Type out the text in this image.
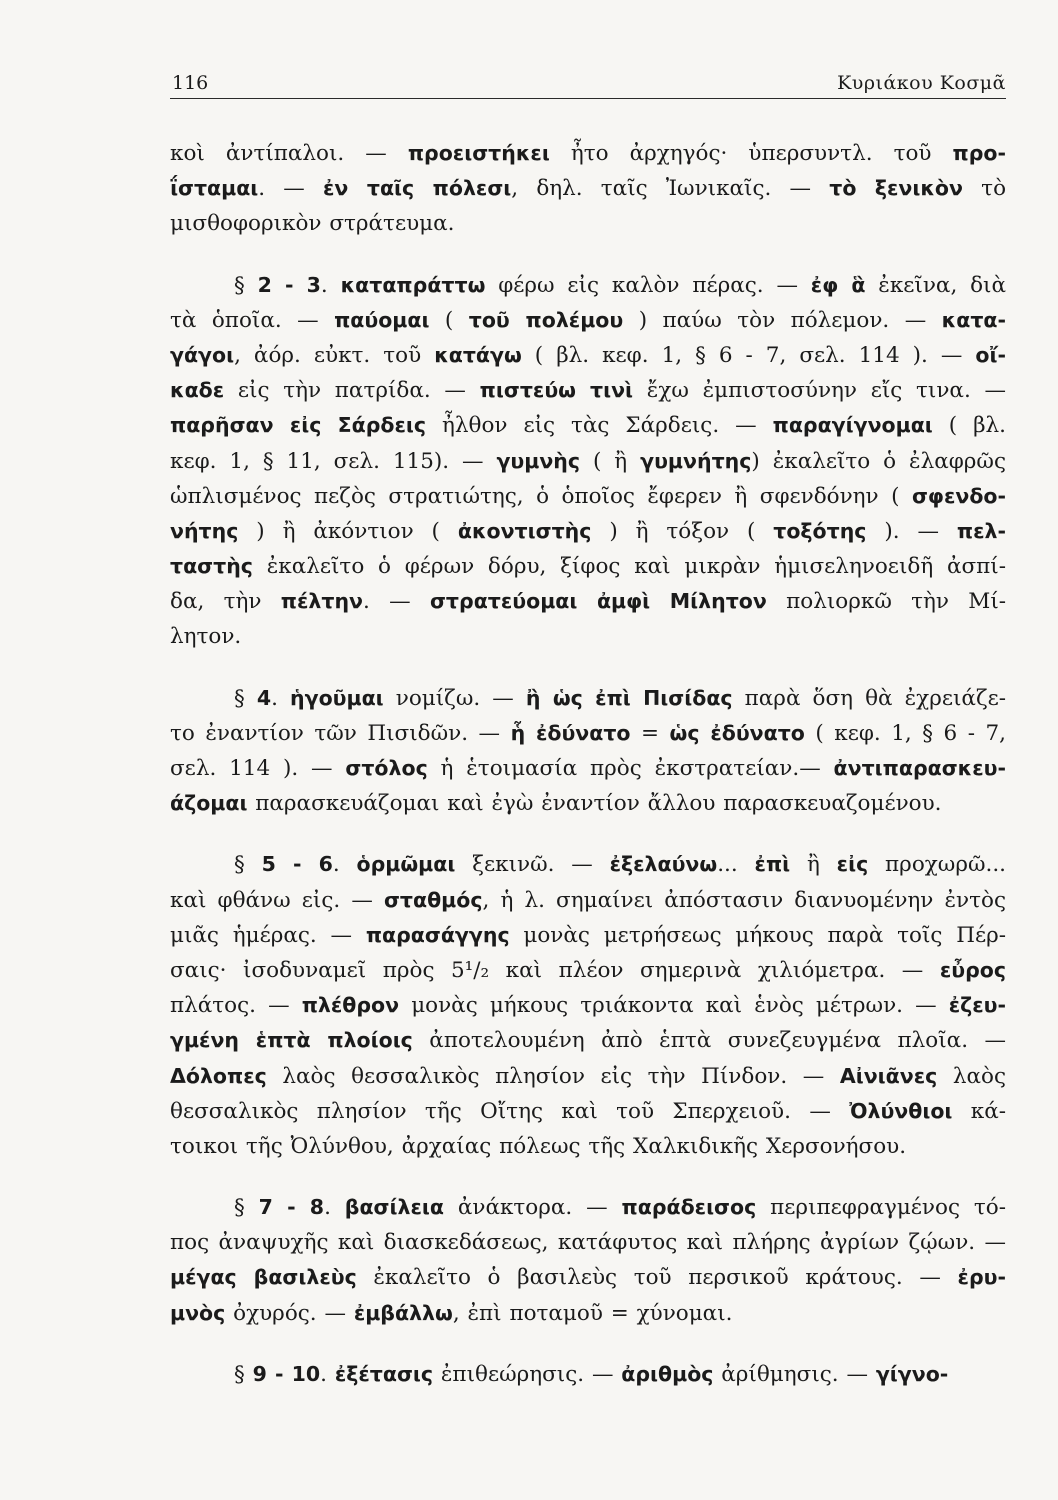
116	Κυριάκου Κοσμᾶ
κοὶ ἀντίπαλοι. — προειστήκει ἦτο ἀρχηγός· ὑπερσυντλ. τοῦ προ-
ΐσταμαι. — ἐν ταῖς πόλεσι, δηλ. ταῖς Ἰωνικαῖς. — τὸ ξενικὸν τὸ
μισθοφορικὸν στράτευμα.
§ 2 - 3. καταπράττω φέρω εἰς καλὸν πέρας. — ἐφ ἃ ἐκεῖνα, διὰ
τὰ ὁποῖα. — παύομαι ( τοῦ πολέμου ) παύω τὸν πόλεμον. — κατα-
γάγοι, ἀόρ. εὐκτ. τοῦ κατάγω ( βλ. κεφ. 1, § 6 - 7, σελ. 114 ). — οἴ-
καδε εἰς τὴν πατρίδα. — πιστεύω τινὶ ἔχω ἐμπιστοσύνην εἴς τινα. —
παρῆσαν εἰς Σάρδεις ἦλθον εἰς τὰς Σάρδεις. — παραγίγνομαι ( βλ.
κεφ. 1, § 11, σελ. 115). — γυμνὴς ( ἢ γυμνήτης) ἐκαλεῖτο ὁ ἐλαφρῶς
ὡπλισμένος πεζὸς στρατιώτης, ὁ ὁποῖος ἔφερεν ἢ σφενδόνην ( σφενδο-
νήτης ) ἢ ἀκόντιον ( ἀκοντιστὴς ) ἢ τόξον ( τοξότης ). — πελ-
ταστὴς ἐκαλεῖτο ὁ φέρων δόρυ, ξίφος καὶ μικρὰν ἡμισεληνοειδῆ ἀσπί-
δα, τὴν πέλτην. — στρατεύομαι ἀμφὶ Μίλητον πολιορκῶ τὴν Μί-
λητον.
§ 4. ἡγοῦμαι νομίζω. — ἢ ὡς ἐπὶ Πισίδας παρὰ ὅση θὰ ἐχρειάζε-
το ἐναντίον τῶν Πισιδῶν. — ἧ ἐδύνατο = ὡς ἐδύνατο ( κεφ. 1, § 6 - 7,
σελ. 114 ). — στόλος ἡ ἑτοιμασία πρὸς ἐκστρατείαν.— ἀντιπαρασκευ-
άζομαι παρασκευάζομαι καὶ ἐγὼ ἐναντίον ἄλλου παρασκευαζομένου.
§ 5 - 6. ὁρμῶμαι ξεκινῶ. — ἐξελαύνω... ἐπὶ ἢ εἰς προχωρῶ...
καὶ φθάνω εἰς. — σταθμός, ἡ λ. σημαίνει ἀπόστασιν διανυομένην ἐντὸς
μιᾶς ἡμέρας. — παρασάγγης μονὰς μετρήσεως μήκους παρὰ τοῖς Πέρ-
σαις· ἰσοδυναμεῖ πρὸς 5¹/₂ καὶ πλέον σημερινὰ χιλιόμετρα. — εὖρος
πλάτος. — πλέθρον μονὰς μήκους τριάκοντα καὶ ἑνὸς μέτρων. — ἐζευ-
γμένη ἑπτὰ πλοίοις ἀποτελουμένη ἀπὸ ἑπτὰ συνεζευγμένα πλοῖα. —
Δόλοπες λαὸς θεσσαλικὸς πλησίον εἰς τὴν Πίνδον. — Αἰνιᾶνες λαὸς
θεσσαλικὸς πλησίον τῆς Οἴτης καὶ τοῦ Σπερχειοῦ. — Ὀλύνθιοι κά-
τοικοι τῆς Ὀλύνθου, ἀρχαίας πόλεως τῆς Χαλκιδικῆς Χερσονήσου.
§ 7 - 8. βασίλεια ἀνάκτορα. — παράδεισος περιπεφραγμένος τό-
πος ἀναψυχῆς καὶ διασκεδάσεως, κατάφυτος καὶ πλήρης ἀγρίων ζῴων. —
μέγας βασιλεὺς ἐκαλεῖτο ὁ βασιλεὺς τοῦ περσικοῦ κράτους. — ἐρυ-
μνὸς ὀχυρός. — ἐμβάλλω, ἐπὶ ποταμοῦ = χύνομαι.
§ 9 - 10. ἐξέτασις ἐπιθεώρησις. — ἀριθμὸς ἀρίθμησις. — γίγνο-
